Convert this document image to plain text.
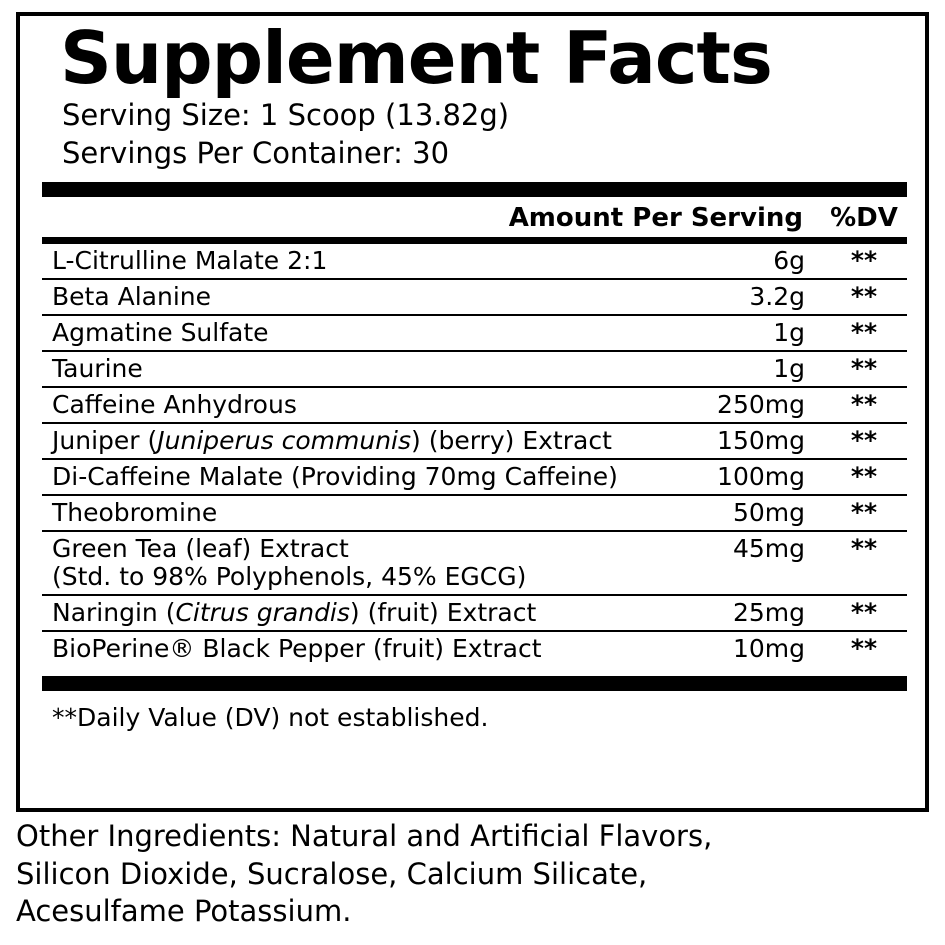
Supplement Facts
Serving Size: 1 Scoop (13.82g)
Servings Per Container: 30
Amount Per Serving	%DV
L-Citrulline Malate 2:1	6g	**
Beta Alanine	3.2g	**
Agmatine Sulfate	1g	**
Taurine	1g	**
Caffeine Anhydrous	250mg	**
Juniper (Juniperus communis) (berry) Extract	150mg	**
Di-Caffeine Malate (Providing 70mg Caffeine)	100mg	**
Theobromine	50mg	**

Green Tea (leaf) Extract
(Std. to 98% Polyphenols, 45% EGCG)	45mg	**
Naringin (Citrus grandis) (fruit) Extract	25mg	**
BioPerine® Black Pepper (fruit) Extract	10mg	**
**Daily Value (DV) not established.
Other Ingredients: Natural and Artificial Flavors,
Silicon Dioxide, Sucralose, Calcium Silicate,
Acesulfame Potassium.
